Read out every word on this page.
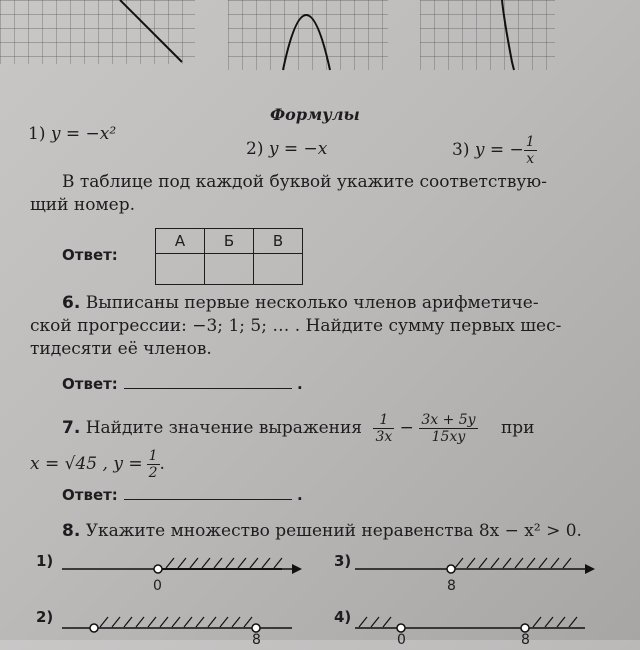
Формулы
1) y = −x²
2) y = −x	3) y = − $\frac{1}{x}$
В таблице под каждой буквой укажите соответствую-
щий номер.
Ответ:
А	Б	В

6. Выписаны первые несколько членов арифметиче-
ской прогрессии: −3; 1; 5; … . Найдите сумму первых шес-
тидесяти её членов.
Ответ:	.
7. Найдите значение выражения $\frac{1}{3x} - \frac{3x + 5y}{15xy}$ при
x = √45 , $y = \frac{1}{2}$ .
Ответ:	.
8. Укажите множество решений неравенства 8x − x² > 0.
1)
0
3)
8
2)
8
4)
0	8
